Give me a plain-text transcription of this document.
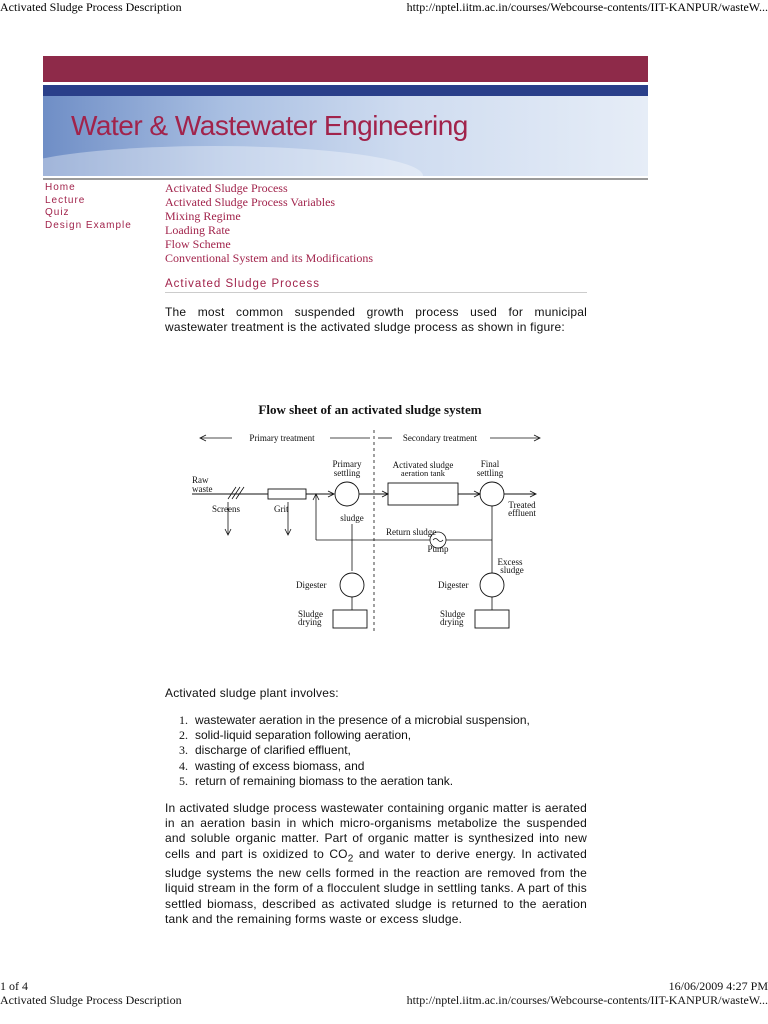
Activated Sludge Process Description	http://nptel.iitm.ac.in/courses/Webcourse-contents/IIT-KANPUR/wasteW...
Water & Wastewater Engineering
Home
Lecture
Quiz
Design Example
Activated Sludge Process
Activated Sludge Process Variables
Mixing Regime
Loading Rate
Flow Scheme
Conventional System and its Modifications
Activated Sludge Process
The most common suspended growth process used for municipal wastewater treatment is the activated sludge process as shown in figure:
Flow sheet of an activated sludge system
Primary treatment	Secondary treatment
Raw
waste
Screens	Grit
Primary
settling
Activated sludge
aeration tank
Final
settling
Treated
effluent
sludge
Pump
Return sludge
Excess
sludge
Digester	Digester
Sludge
drying
Sludge
drying
Activated sludge plant involves:
1. wastewater aeration in the presence of a microbial suspension,
2. solid-liquid separation following aeration,
3. discharge of clarified effluent,
4. wasting of excess biomass, and
5. return of remaining biomass to the aeration tank.
In activated sludge process wastewater containing organic matter is aerated in an aeration basin in which micro-organisms metabolize the suspended and soluble organic matter. Part of organic matter is synthesized into new cells and part is oxidized to $CO_2$ and water to derive energy. In activated sludge systems the new cells formed in the reaction are removed from the liquid stream in the form of a flocculent sludge in settling tanks. A part of this settled biomass, described as activated sludge is returned to the aeration tank and the remaining forms waste or excess sludge.
1 of 4	16/06/2009 4:27 PM
Activated Sludge Process Description	http://nptel.iitm.ac.in/courses/Webcourse-contents/IIT-KANPUR/wasteW...
